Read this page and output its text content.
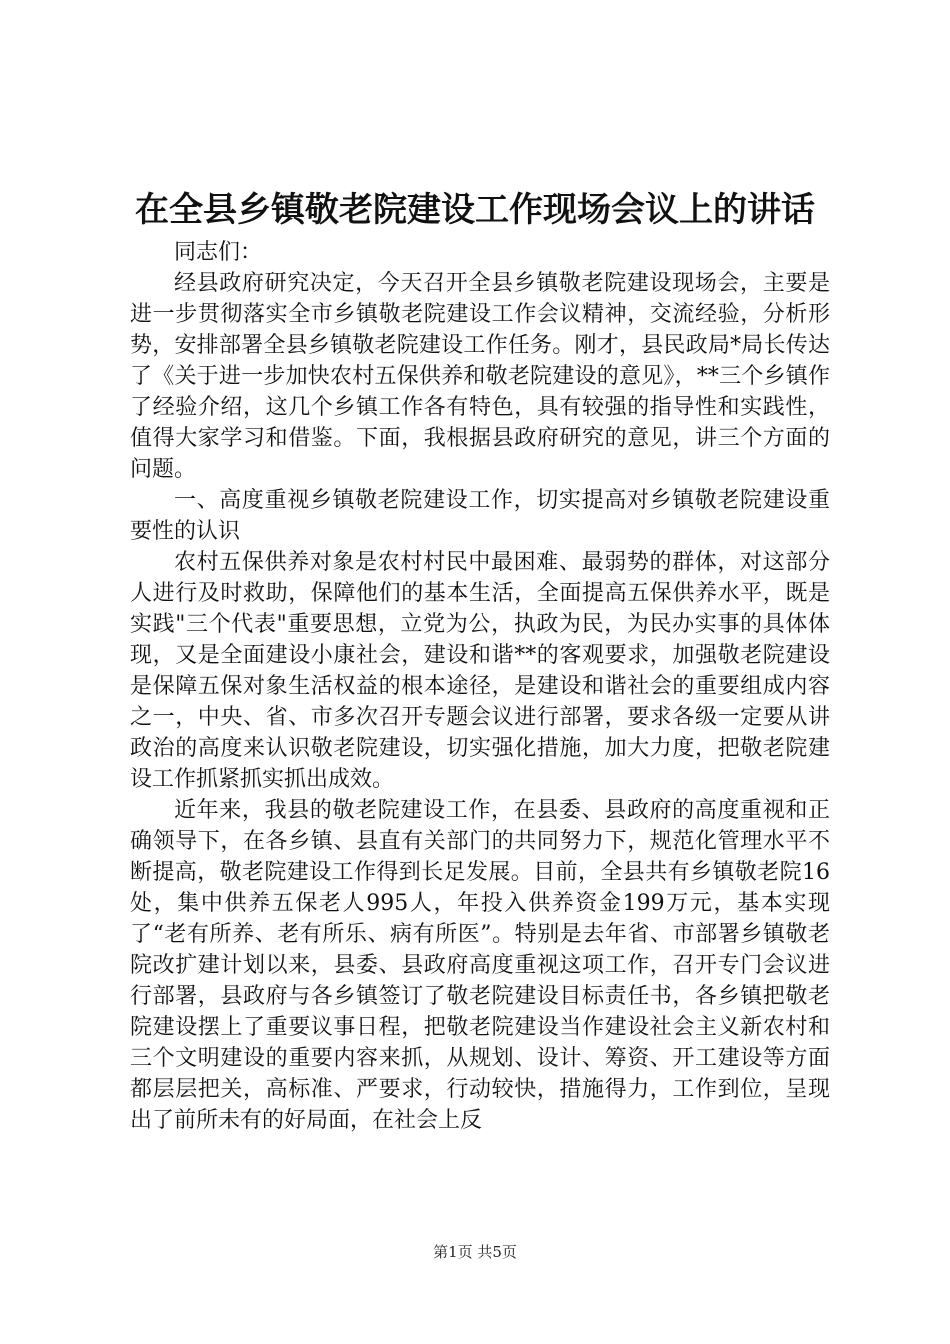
在全县乡镇敬老院建设工作现场会议上的讲话

同志们：

经县政府研究决定，今天召开全县乡镇敬老院建设现场会，主要是进一步贯彻落实全市乡镇敬老院建设工作会议精神，交流经验，分析形势，安排部署全县乡镇敬老院建设工作任务。刚才，县民政局*局长传达了《关于进一步加快农村五保供养和敬老院建设的意见》，**三个乡镇作了经验介绍，这几个乡镇工作各有特色，具有较强的指导性和实践性，值得大家学习和借鉴。下面，我根据县政府研究的意见，讲三个方面的问题。

一、高度重视乡镇敬老院建设工作，切实提高对乡镇敬老院建设重要性的认识

农村五保供养对象是农村村民中最困难、最弱势的群体，对这部分人进行及时救助，保障他们的基本生活，全面提高五保供养水平，既是实践"三个代表"重要思想，立党为公，执政为民，为民办实事的具体体现，又是全面建设小康社会，建设和谐**的客观要求，加强敬老院建设是保障五保对象生活权益的根本途径，是建设和谐社会的重要组成内容之一，中央、省、市多次召开专题会议进行部署，要求各级一定要从讲政治的高度来认识敬老院建设，切实强化措施，加大力度，把敬老院建设工作抓紧抓实抓出成效。

近年来，我县的敬老院建设工作，在县委、县政府的高度重视和正确领导下，在各乡镇、县直有关部门的共同努力下，规范化管理水平不断提高，敬老院建设工作得到长足发展。目前，全县共有乡镇敬老院16处，集中供养五保老人995人，年投入供养资金199万元，基本实现了“老有所养、老有所乐、病有所医”。特别是去年省、市部署乡镇敬老院改扩建计划以来，县委、县政府高度重视这项工作，召开专门会议进行部署，县政府与各乡镇签订了敬老院建设目标责任书，各乡镇把敬老院建设摆上了重要议事日程，把敬老院建设当作建设社会主义新农村和三个文明建设的重要内容来抓，从规划、设计、筹资、开工建设等方面都层层把关，高标准、严要求，行动较快，措施得力，工作到位，呈现出了前所未有的好局面，在社会上反

第1页 共5页
